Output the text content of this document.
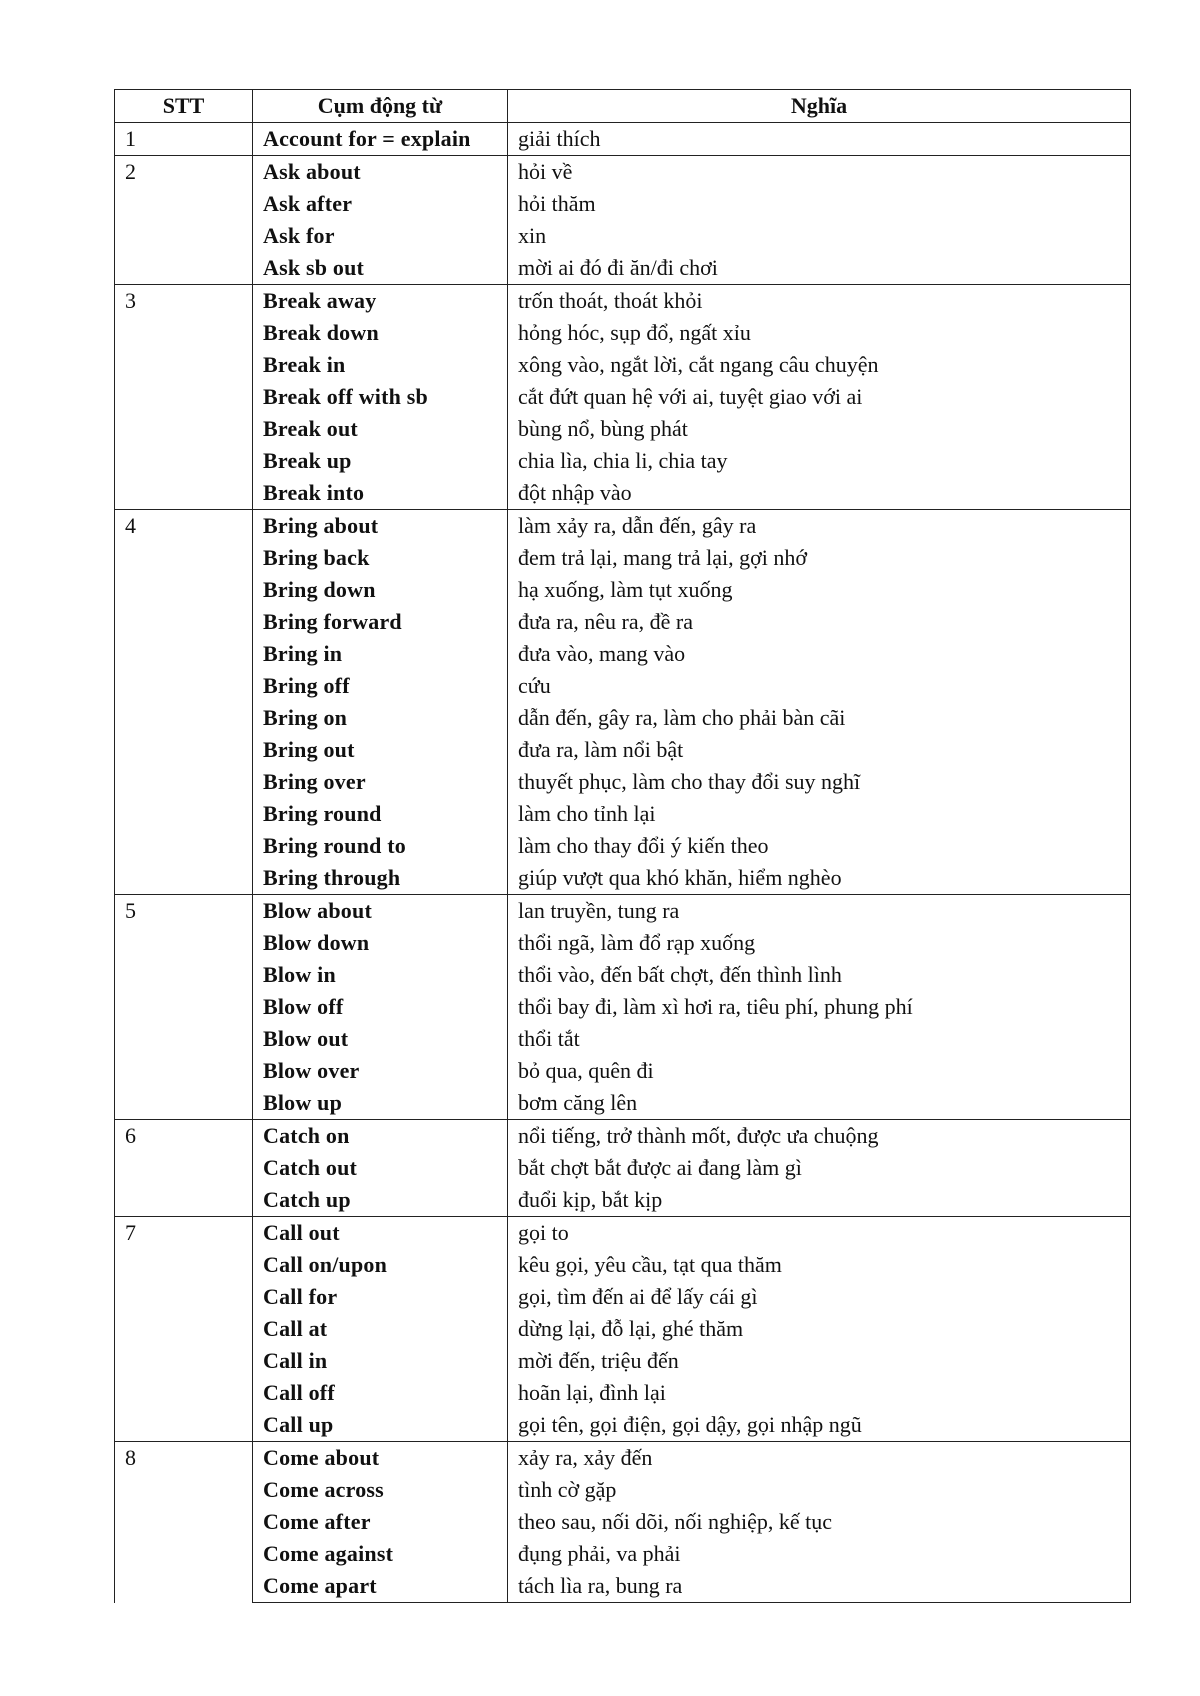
STT	Cụm động từ	Nghĩa
1	Account for = explain	giải thích
2	Ask about	hỏi về
	Ask after	hỏi thăm
	Ask for	xin
	Ask sb out	mời ai đó đi ăn/đi chơi
3	Break away	trốn thoát, thoát khỏi
	Break down	hỏng hóc, sụp đổ, ngất xỉu
	Break in	xông vào, ngắt lời, cắt ngang câu chuyện
	Break off with sb	cắt đứt quan hệ với ai, tuyệt giao với ai
	Break out	bùng nổ, bùng phát
	Break up	chia lìa, chia li, chia tay
	Break into	đột nhập vào
4	Bring about	làm xảy ra, dẫn đến, gây ra
	Bring back	đem trả lại, mang trả lại, gợi nhớ
	Bring down	hạ xuống, làm tụt xuống
	Bring forward	đưa ra, nêu ra, đề ra
	Bring in	đưa vào, mang vào
	Bring off	cứu
	Bring on	dẫn đến, gây ra, làm cho phải bàn cãi
	Bring out	đưa ra, làm nổi bật
	Bring over	thuyết phục, làm cho thay đổi suy nghĩ
	Bring round	làm cho tỉnh lại
	Bring round to	làm cho thay đổi ý kiến theo
	Bring through	giúp vượt qua khó khăn, hiểm nghèo
5	Blow about	lan truyền, tung ra
	Blow down	thổi ngã, làm đổ rạp xuống
	Blow in	thổi vào, đến bất chợt, đến thình lình
	Blow off	thổi bay đi, làm xì hơi ra, tiêu phí, phung phí
	Blow out	thổi tắt
	Blow over	bỏ qua, quên đi
	Blow up	bơm căng lên
6	Catch on	nổi tiếng, trở thành mốt, được ưa chuộng
	Catch out	bắt chợt bắt được ai đang làm gì
	Catch up	đuổi kịp, bắt kịp
7	Call out	gọi to
	Call on/upon	kêu gọi, yêu cầu, tạt qua thăm
	Call for	gọi, tìm đến ai để lấy cái gì
	Call at	dừng lại, đỗ lại, ghé thăm
	Call in	mời đến, triệu đến
	Call off	hoãn lại, đình lại
	Call up	gọi tên, gọi điện, gọi dậy, gọi nhập ngũ
8	Come about	xảy ra, xảy đến
	Come across	tình cờ gặp
	Come after	theo sau, nối dõi, nối nghiệp, kế tục
	Come against	đụng phải, va phải
	Come apart	tách lìa ra, bung ra
